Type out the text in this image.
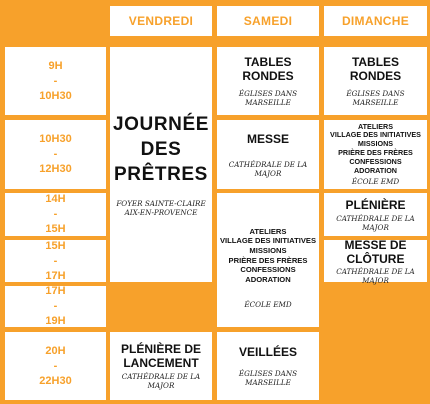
VENDREDI	SAMEDI	DIMANCHE
9H
-
10H30
10H30
-
12H30
14H
-
15H
15H
-
17H
17H
-
19H
20H
-
22H30
JOURNÉE
DES
PRÊTRES
FOYER SAINTE-CLAIRE
AIX-EN-PROVENCE
PLÉNIÈRE DE
LANCEMENT
CATHÉDRALE DE LA MAJOR
TABLES
RONDES
ÉGLISES DANS MARSEILLE
MESSE
CATHÉDRALE DE LA MAJOR
ATELIERS
VILLAGE DES INITIATIVES
MISSIONS
PRIÈRE DES FRÈRES
CONFESSIONS
ADORATION
ÉCOLE EMD
VEILLÉES
ÉGLISES DANS MARSEILLE
TABLES
RONDES
ÉGLISES DANS MARSEILLE
ATELIERS
VILLAGE DES INITIATIVES
MISSIONS
PRIÈRE DES FRÈRES
CONFESSIONS
ADORATION
ÉCOLE EMD
PLÉNIÈRE
CATHÉDRALE DE LA MAJOR
MESSE DE
CLÔTURE
CATHÉDRALE DE LA MAJOR
